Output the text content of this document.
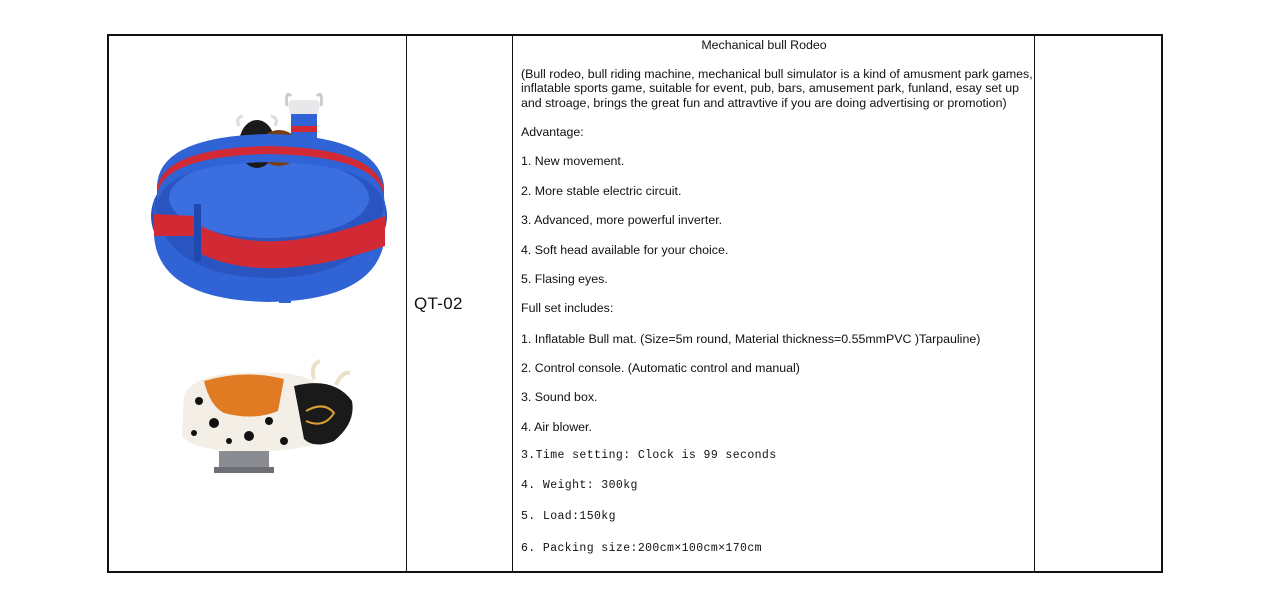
QT-02
Mechanical bull Rodeo
(Bull rodeo, bull riding machine, mechanical bull simulator is a kind of amusment park games,
inflatable sports game, suitable for event, pub, bars, amusement park, funland, esay set up
and stroage, brings the great fun and attravtive if you are doing advertising or promotion)
Advantage:
1. New movement.
2. More stable electric circuit.
3. Advanced, more powerful inverter.
4. Soft head available for your choice.
5. Flasing eyes.
Full set includes:
1. Inflatable Bull mat. (Size=5m round, Material thickness=0.55mmPVC )Tarpauline)
2. Control console. (Automatic control and manual)
3. Sound box.
4. Air blower.
3.Time setting: Clock is 99 seconds
4. Weight: 300kg
5. Load:150kg
6. Packing size:200cm×100cm×170cm
